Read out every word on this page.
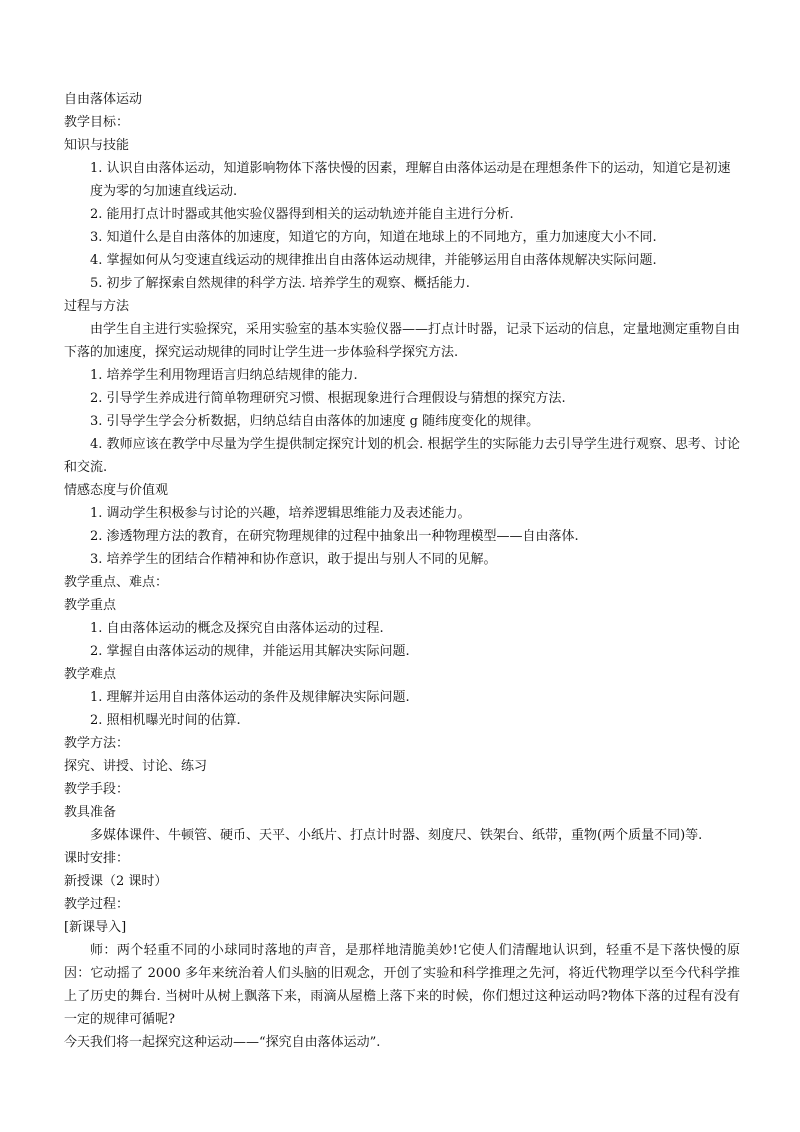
自由落体运动
教学目标：
知识与技能
1. 认识自由落体运动，知道影响物体下落快慢的因素，理解自由落体运动是在理想条件下的运动，知道它是初速度为零的匀加速直线运动.
2. 能用打点计时器或其他实验仪器得到相关的运动轨迹并能自主进行分析.
3. 知道什么是自由落体的加速度，知道它的方向，知道在地球上的不同地方，重力加速度大小不同.
4. 掌握如何从匀变速直线运动的规律推出自由落体运动规律，并能够运用自由落体规解决实际问题.
5. 初步了解探索自然规律的科学方法. 培养学生的观察、概括能力.
过程与方法
由学生自主进行实验探究，采用实验室的基本实验仪器——打点计时器，记录下运动的信息，定量地测定重物自由下落的加速度，探究运动规律的同时让学生进一步体验科学探究方法.
1. 培养学生利用物理语言归纳总结规律的能力.
2. 引导学生养成进行简单物理研究习惯、根据现象进行合理假设与猜想的探究方法.
3. 引导学生学会分析数据，归纳总结自由落体的加速度 g 随纬度变化的规律。
4. 教师应该在教学中尽量为学生提供制定探究计划的机会. 根据学生的实际能力去引导学生进行观察、思考、讨论和交流.
情感态度与价值观
1. 调动学生积极参与讨论的兴趣，培养逻辑思维能力及表述能力。
2. 渗透物理方法的教育，在研究物理规律的过程中抽象出一种物理模型——自由落体.
3. 培养学生的团结合作精神和协作意识，敢于提出与别人不同的见解。
教学重点、难点：
教学重点
1. 自由落体运动的概念及探究自由落体运动的过程.
2. 掌握自由落体运动的规律，并能运用其解决实际问题.
教学难点
1. 理解并运用自由落体运动的条件及规律解决实际问题.
2. 照相机曝光时间的估算.
教学方法：
探究、讲授、讨论、练习
教学手段：
教具准备
多媒体课件、牛顿管、硬币、天平、小纸片、打点计时器、刻度尺、铁架台、纸带，重物(两个质量不同)等.
课时安排：
新授课（2 课时）
教学过程：
[新课导入]
师：两个轻重不同的小球同时落地的声音，是那样地清脆美妙!它使人们清醒地认识到，轻重不是下落快慢的原因：它动摇了 2000 多年来统治着人们头脑的旧观念，开创了实验和科学推理之先河，将近代物理学以至今代科学推上了历史的舞台. 当树叶从树上飘落下来，雨滴从屋檐上落下来的时候，你们想过这种运动吗?物体下落的过程有没有一定的规律可循呢?
今天我们将一起探究这种运动——“探究自由落体运动”.
